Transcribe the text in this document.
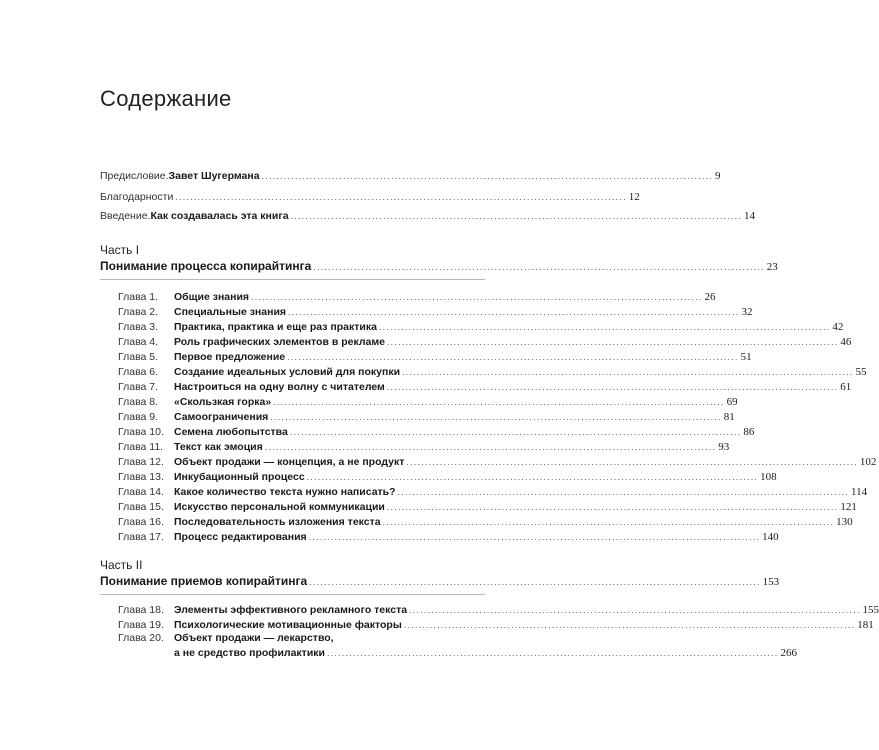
Содержание
Предисловие. Завет Шугермана .......................................................................................................................... 9
Благодарности .......................................................................................................................... 12
Введение. Как создавалась эта книга .......................................................................................................................... 14
Часть I
Понимание процесса копирайтинга .......................................................................................................................... 23
Глава 1.	Общие знания .......................................................................................................................... 26
Глава 2.	Специальные знания .......................................................................................................................... 32
Глава 3.	Практика, практика и еще раз практика .......................................................................................................................... 42
Глава 4.	Роль графических элементов в рекламе .......................................................................................................................... 46
Глава 5.	Первое предложение .......................................................................................................................... 51
Глава 6.	Создание идеальных условий для покупки .......................................................................................................................... 55
Глава 7.	Настроиться на одну волну с читателем .......................................................................................................................... 61
Глава 8.	«Скользкая горка» .......................................................................................................................... 69
Глава 9.	Самоограничения .......................................................................................................................... 81
Глава 10. Семена любопытства .......................................................................................................................... 86
Глава 11.	Текст как эмоция .......................................................................................................................... 93
Глава 12. Объект продажи — концепция, а не продукт .......................................................................................................................... 102
Глава 13. Инкубационный процесс .......................................................................................................................... 108
Глава 14. Какое количество текста нужно написать? .......................................................................................................................... 114
Глава 15. Искусство персональной коммуникации .......................................................................................................................... 121
Глава 16. Последовательность изложения текста .......................................................................................................................... 130
Глава 17. Процесс редактирования .......................................................................................................................... 140
Часть II
Понимание приемов копирайтинга .......................................................................................................................... 153
Глава 18. Элементы эффективного рекламного текста .......................................................................................................................... 155
Глава 19. Психологические мотивационные факторы .......................................................................................................................... 181
Глава 20. Объект продажи — лекарство,
а не средство профилактики .......................................................................................................................... 266
